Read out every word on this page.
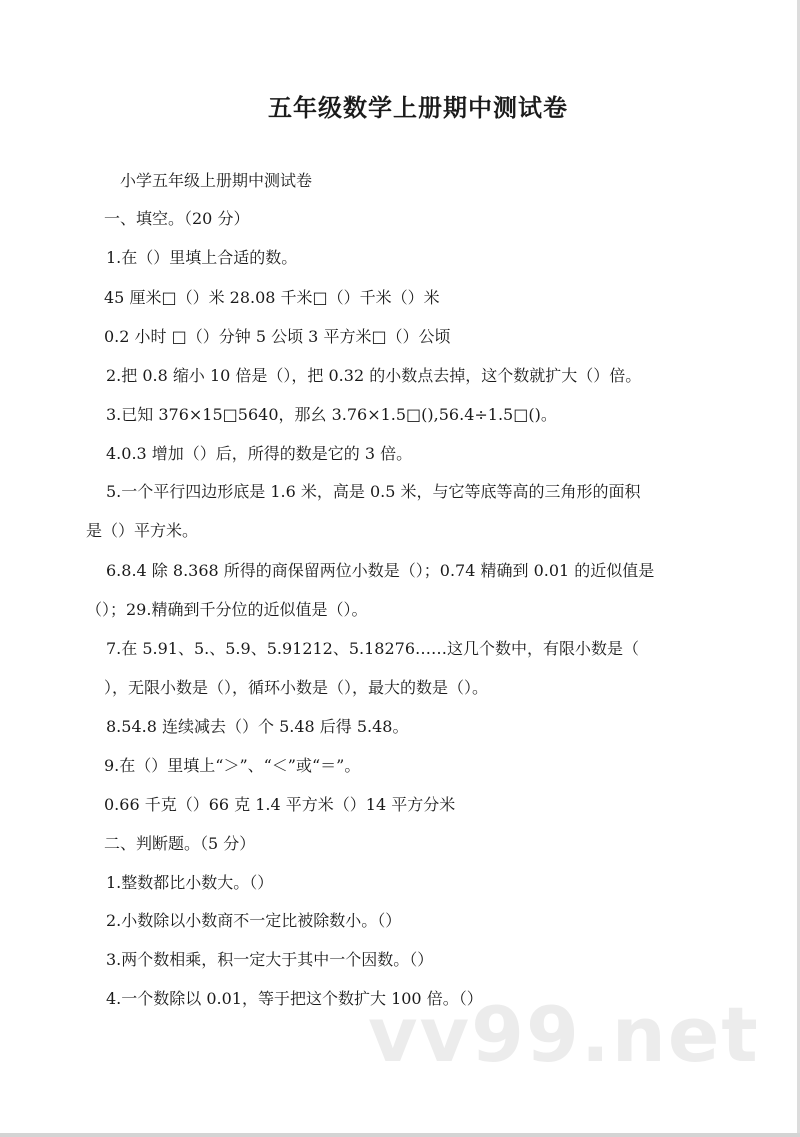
五年级数学上册期中测试卷
小学五年级上册期中测试卷
一、填空。（20 分）
1.在（）里填上合适的数。
45 厘米□（）米 28.08 千米□（）千米（）米
0.2 小时 □（）分钟 5 公顷 3 平方米□（）公顷
2.把 0.8 缩小 10 倍是（），把 0.32 的小数点去掉，这个数就扩大（）倍。
3.已知 376×15□5640，那幺 3.76×1.5□(),56.4÷1.5□()。
4.0.3 增加（）后，所得的数是它的 3 倍。
5.一个平行四边形底是 1.6 米，高是 0.5 米，与它等底等高的三角形的面积
是（）平方米。
6.8.4 除 8.368 所得的商保留两位小数是（）；0.74 精确到 0.01 的近似值是
（）；29.精确到千分位的近似值是（）。
7.在 5.91、5.、5.9、5.91212、5.18276……这几个数中，有限小数是（
），无限小数是（），循环小数是（），最大的数是（）。
8.54.8 连续减去（）个 5.48 后得 5.48。
9.在（）里填上“＞”、“＜”或“＝”。
0.66 千克（）66 克 1.4 平方米（）14 平方分米
二、判断题。（5 分）
1.整数都比小数大。（）
2.小数除以小数商不一定比被除数小。（）
3.两个数相乘，积一定大于其中一个因数。（）
4.一个数除以 0.01，等于把这个数扩大 100 倍。（）
vv99.net
